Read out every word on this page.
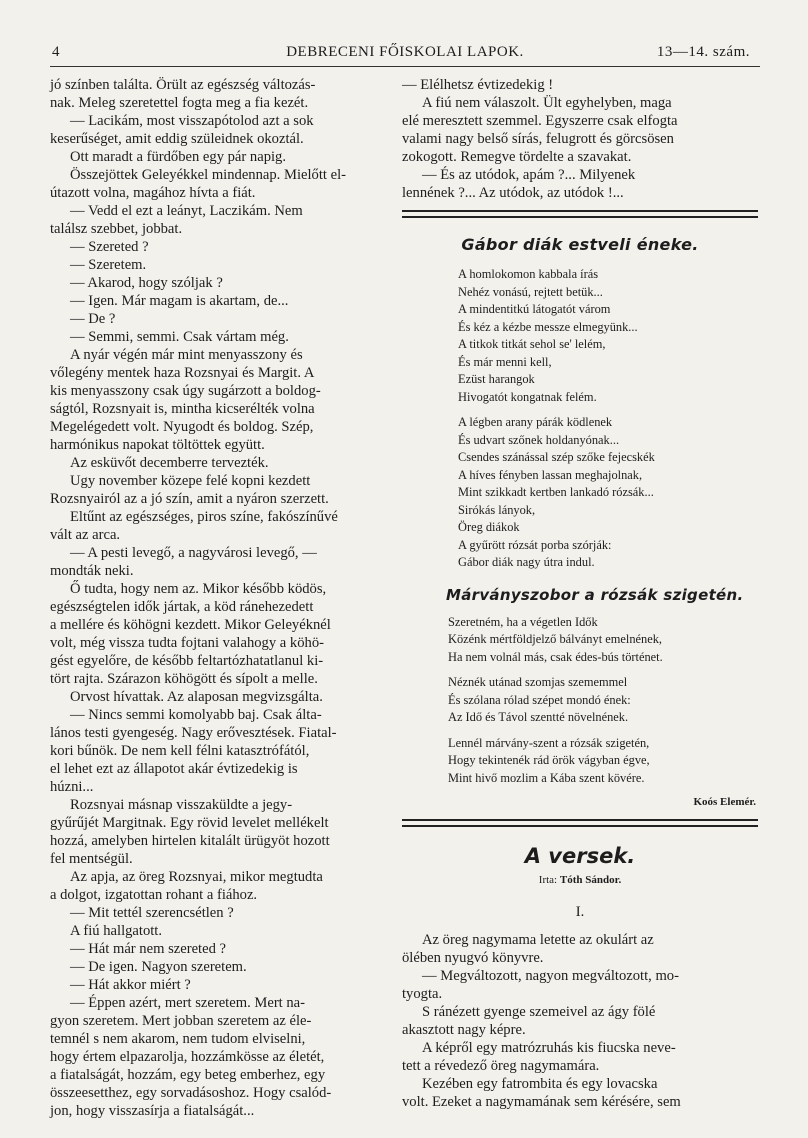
4	DEBRECENI FŐISKOLAI LAPOK.	13—14. szám.
jó színben találta. Örült az egészség változás-
nak. Meleg szeretettel fogta meg a fia kezét.
— Lacikám, most visszapótolod azt a sok
keserűséget, amit eddig szüleidnek okoztál.
Ott maradt a fürdőben egy pár napig.
Összejöttek Geleyékkel mindennap. Mielőtt el-
útazott volna, magához hívta a fiát.
— Vedd el ezt a leányt, Laczikám. Nem
találsz szebbet, jobbat.
— Szereted ?
— Szeretem.
— Akarod, hogy szóljak ?
— Igen. Már magam is akartam, de...
— De ?
— Semmi, semmi. Csak vártam még.
A nyár végén már mint menyasszony és
vőlegény mentek haza Rozsnyai és Margit. A
kis menyasszony csak úgy sugárzott a boldog-
ságtól, Rozsnyait is, mintha kicserélték volna
Megelégedett volt. Nyugodt és boldog. Szép,
harmónikus napokat töltöttek együtt.
Az esküvőt decemberre tervezték.
Ugy november közepe felé kopni kezdett
Rozsnyairól az a jó szín, amit a nyáron szerzett.
Eltűnt az egészséges, piros színe, fakószínűvé
vált az arca.
— A pesti levegő, a nagyvárosi levegő, —
mondták neki.
Ő tudta, hogy nem az. Mikor később ködös,
egészségtelen idők jártak, a köd ránehezedett
a mellére és köhögni kezdett. Mikor Geleyéknél
volt, még vissza tudta fojtani valahogy a köhö-
gést egyelőre, de később feltartózhatatlanul ki-
tört rajta. Szárazon köhögött és sípolt a melle.
Orvost hívattak. Az alaposan megvizsgálta.
— Nincs semmi komolyabb baj. Csak álta-
lános testi gyengeség. Nagy erővesztések. Fiatal-
kori bűnök. De nem kell félni katasztrófától,
el lehet ezt az állapotot akár évtizedekig is
húzni...
Rozsnyai másnap visszaküldte a jegy-
gyűrűjét Margitnak. Egy rövid levelet mellékelt
hozzá, amelyben hirtelen kitalált ürügyöt hozott
fel mentségül.
Az apja, az öreg Rozsnyai, mikor megtudta
a dolgot, izgatottan rohant a fiához.
— Mit tettél szerencsétlen ?
A fiú hallgatott.
— Hát már nem szereted ?
— De igen. Nagyon szeretem.
— Hát akkor miért ?
— Éppen azért, mert szeretem. Mert na-
gyon szeretem. Mert jobban szeretem az éle-
temnél s nem akarom, nem tudom elviselni,
hogy értem elpazarolja, hozzámkösse az életét,
a fiatalságát, hozzám, egy beteg emberhez, egy
összeesetthez, egy sorvadásoshoz. Hogy csalód-
jon, hogy visszasírja a fiatalságát...
— Elélhetsz évtizedekig !
A fiú nem válaszolt. Ült egyhelyben, maga
elé meresztett szemmel. Egyszerre csak elfogta
valami nagy belső sírás, felugrott és görcsösen
zokogott. Remegve tördelte a szavakat.
— És az utódok, apám ?... Milyenek
lennének ?... Az utódok, az utódok !...
Gábor diák estveli éneke.
A homlokomon kabbala írás
Nehéz vonású, rejtett betük...
A mindentitkú látogatót várom
És kéz a kézbe messze elmegyünk...
A titkok titkát sehol se' lelém,
És már menni kell,
Ezüst harangok
Hivogatót kongatnak felém.
A légben arany párák ködlenek
És udvart szőnek holdanyónak...
Csendes szánással szép szőke fejecskék
A híves fényben lassan meghajolnak,
Mint szikkadt kertben lankadó rózsák...
Sirókás lányok,
Öreg diákok
A gyűrött rózsát porba szórják:
Gábor diák nagy útra indul.
Márványszobor a rózsák szigetén.
Szeretném, ha a végetlen Idők
Közénk mértföldjelző bálványt emelnének,
Ha nem volnál más, csak édes-bús történet.
Néznék utánad szomjas szememmel
És szólana rólad szépet mondó ének:
Az Idő és Távol szentté növelnének.
Lennél márvány-szent a rózsák szigetén,
Hogy tekintenék rád örök vágyban égve,
Mint hivő mozlim a Kába szent kövére.
Koós Elemér.
A versek.
Irta: Tóth Sándor.
I.
Az öreg nagymama letette az okulárt az
ölében nyugvó könyvre.
— Megváltozott, nagyon megváltozott, mo-
tyogta.
S ránézett gyenge szemeivel az ágy fölé
akasztott nagy képre.
A képről egy matrózruhás kis fiucska neve-
tett a révedező öreg nagymamára.
Kezében egy fatrombita és egy lovacska
volt. Ezeket a nagymamának sem kérésére, sem
